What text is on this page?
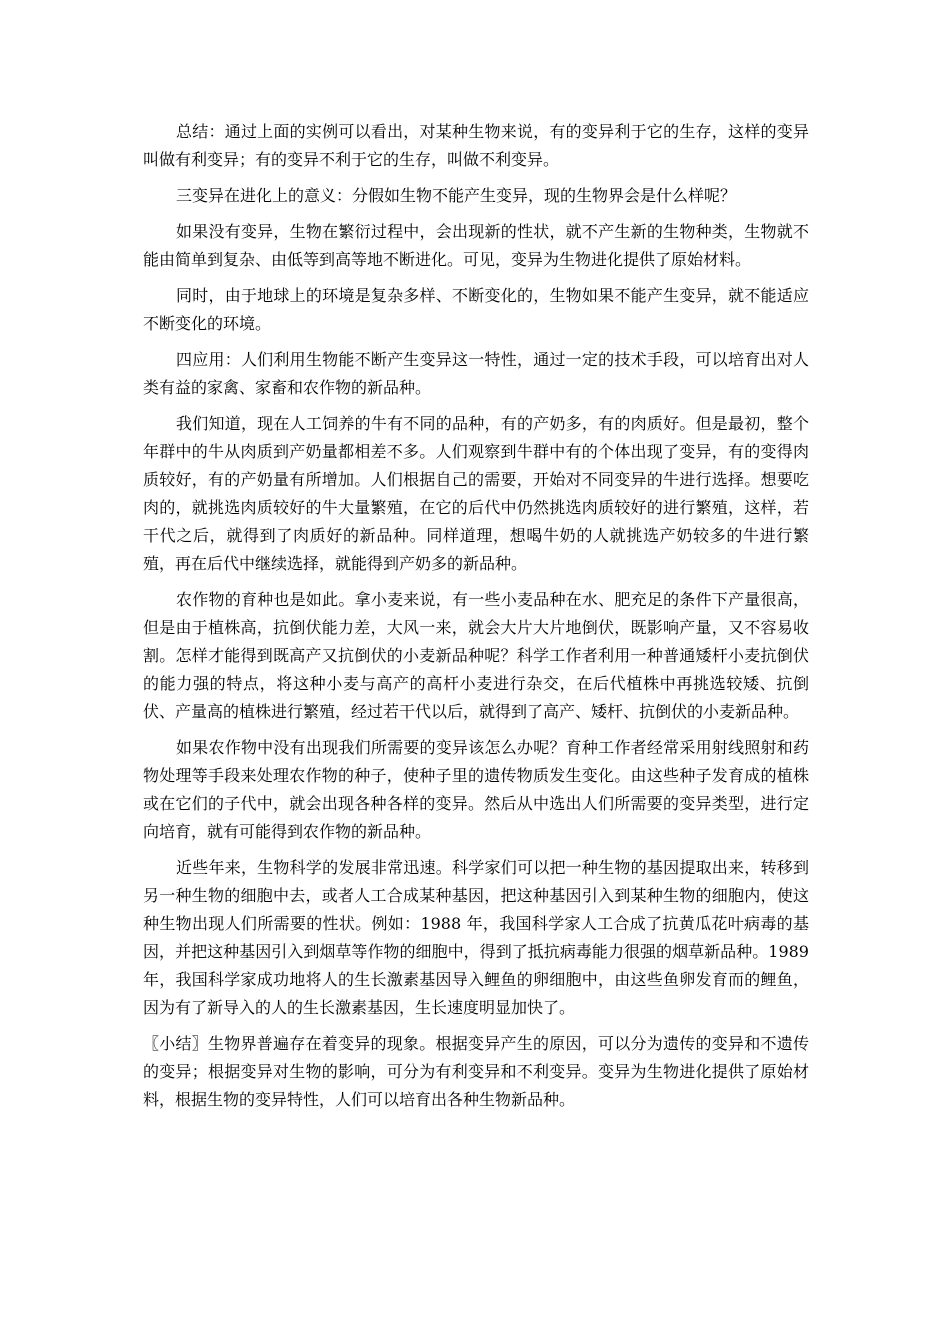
总结：通过上面的实例可以看出，对某种生物来说，有的变异利于它的生存，这样的变异叫做有利变异；有的变异不利于它的生存，叫做不利变异。

三变异在进化上的意义：分假如生物不能产生变异，现的生物界会是什么样呢？

如果没有变异，生物在繁衍过程中，会出现新的性状，就不产生新的生物种类，生物就不能由简单到复杂、由低等到高等地不断进化。可见，变异为生物进化提供了原始材料。

同时，由于地球上的环境是复杂多样、不断变化的，生物如果不能产生变异，就不能适应不断变化的环境。

四应用：人们利用生物能不断产生变异这一特性，通过一定的技术手段，可以培育出对人类有益的家禽、家畜和农作物的新品种。

我们知道，现在人工饲养的牛有不同的品种，有的产奶多，有的肉质好。但是最初，整个年群中的牛从肉质到产奶量都相差不多。人们观察到牛群中有的个体出现了变异，有的变得肉质较好，有的产奶量有所增加。人们根据自己的需要，开始对不同变异的牛进行选择。想要吃肉的，就挑选肉质较好的牛大量繁殖，在它的后代中仍然挑选肉质较好的进行繁殖，这样，若干代之后，就得到了肉质好的新品种。同样道理，想喝牛奶的人就挑选产奶较多的牛进行繁殖，再在后代中继续选择，就能得到产奶多的新品种。

农作物的育种也是如此。拿小麦来说，有一些小麦品种在水、肥充足的条件下产量很高，但是由于植株高，抗倒伏能力差，大风一来，就会大片大片地倒伏，既影响产量，又不容易收割。怎样才能得到既高产又抗倒伏的小麦新品种呢？科学工作者利用一种普通矮杆小麦抗倒伏的能力强的特点，将这种小麦与高产的高杆小麦进行杂交，在后代植株中再挑选较矮、抗倒伏、产量高的植株进行繁殖，经过若干代以后，就得到了高产、矮杆、抗倒伏的小麦新品种。

如果农作物中没有出现我们所需要的变异该怎么办呢？育种工作者经常采用射线照射和药物处理等手段来处理农作物的种子，使种子里的遗传物质发生变化。由这些种子发育成的植株或在它们的子代中，就会出现各种各样的变异。然后从中选出人们所需要的变异类型，进行定向培育，就有可能得到农作物的新品种。

近些年来，生物科学的发展非常迅速。科学家们可以把一种生物的基因提取出来，转移到另一种生物的细胞中去，或者人工合成某种基因，把这种基因引入到某种生物的细胞内，使这种生物出现人们所需要的性状。例如：1988 年，我国科学家人工合成了抗黄瓜花叶病毒的基因，并把这种基因引入到烟草等作物的细胞中，得到了抵抗病毒能力很强的烟草新品种。1989 年，我国科学家成功地将人的生长激素基因导入鲤鱼的卵细胞中，由这些鱼卵发育而的鲤鱼，因为有了新导入的人的生长激素基因，生长速度明显加快了。

〖小结〗生物界普遍存在着变异的现象。根据变异产生的原因，可以分为遗传的变异和不遗传的变异；根据变异对生物的影响，可分为有利变异和不利变异。变异为生物进化提供了原始材料，根据生物的变异特性，人们可以培育出各种生物新品种。
